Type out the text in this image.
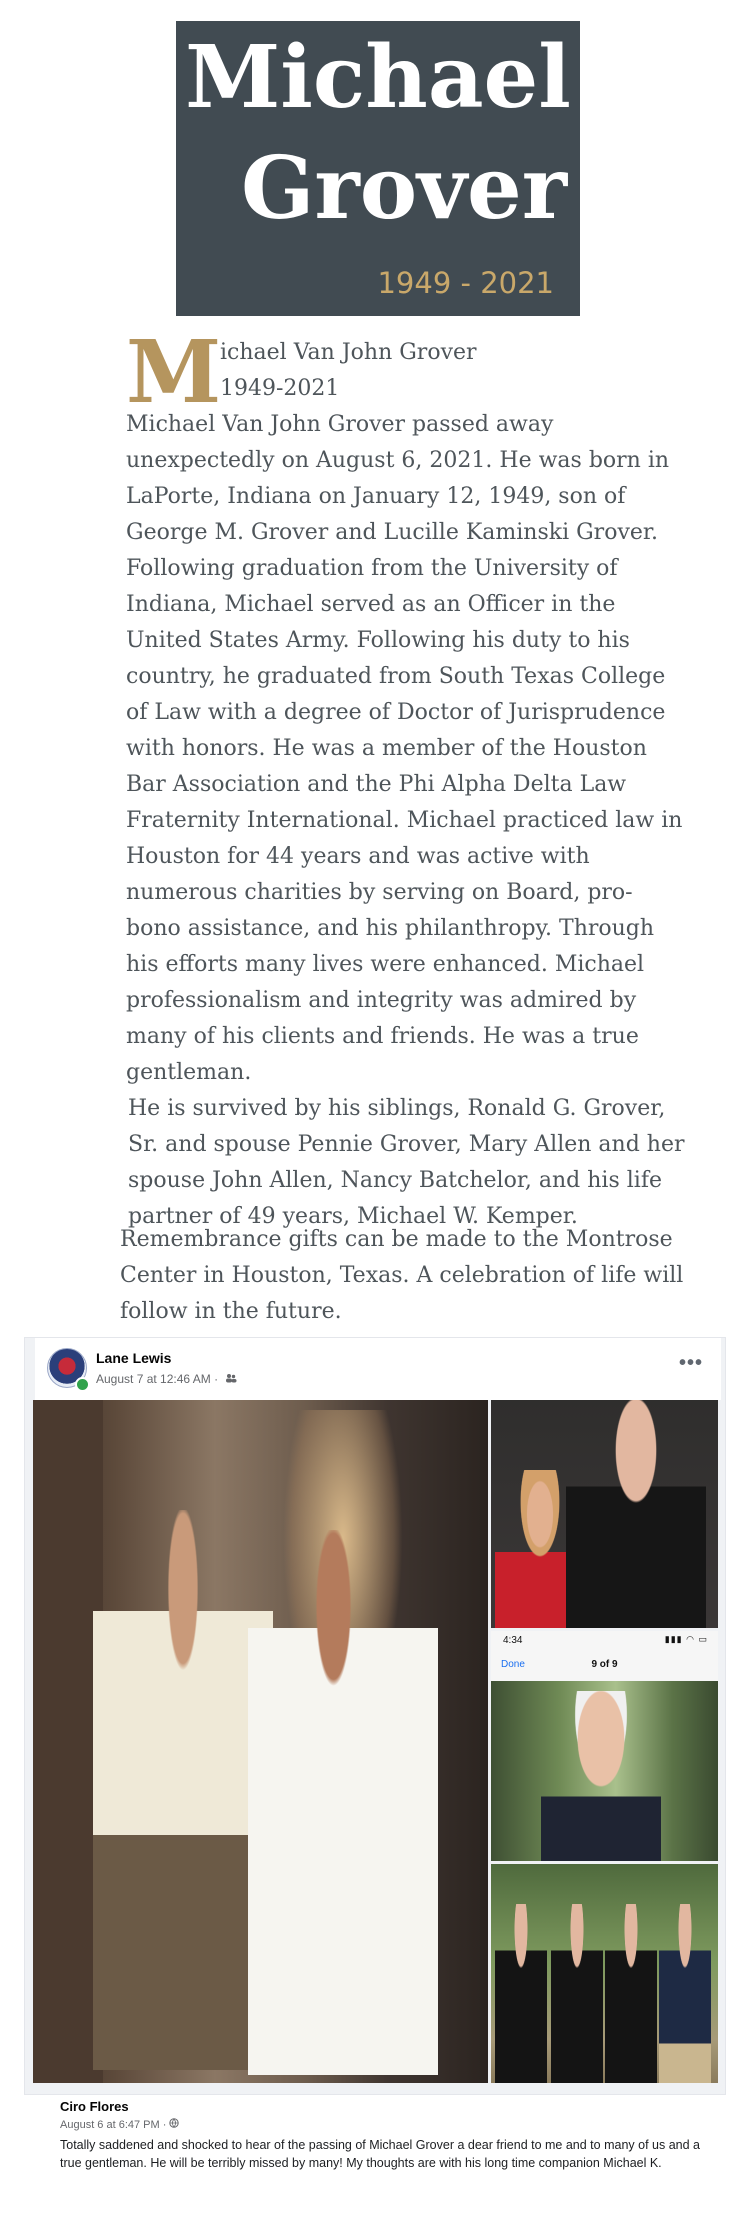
Michael
Grover
1949 - 2021
M
ichael Van John Grover
1949-2021

Michael Van John Grover passed away unexpectedly on August 6, 2021. He was born in LaPorte, Indiana on January 12, 1949, son of George M. Grover and Lucille Kaminski Grover. Following graduation from the University of Indiana, Michael served as an Officer in the United States Army. Following his duty to his country, he graduated from South Texas College of Law with a degree of Doctor of Jurisprudence with honors. He was a member of the Houston Bar Association and the Phi Alpha Delta Law Fraternity International. Michael practiced law in Houston for 44 years and was active with numerous charities by serving on Board, pro-bono assistance, and his philanthropy. Through his efforts many lives were enhanced. Michael professionalism and integrity was admired by many of his clients and friends. He was a true gentleman.

He is survived by his siblings, Ronald G. Grover, Sr. and spouse Pennie Grover, Mary Allen and her spouse John Allen, Nancy Batchelor, and his life partner of 49 years, Michael W. Kemper.

Remembrance gifts can be made to the Montrose Center in Houston, Texas. A celebration of life will follow in the future.
Lane Lewis
August 7 at 12:46 AM ·
•••
4:34	▮▮▮ ◠ ▭
Done	9 of 9
Ciro Flores
August 6 at 6:47 PM ·
Totally saddened and shocked to hear of the passing of Michael Grover a dear friend to me and to many of us and a true gentleman. He will be terribly missed by many! My thoughts are with his long time companion Michael K.
